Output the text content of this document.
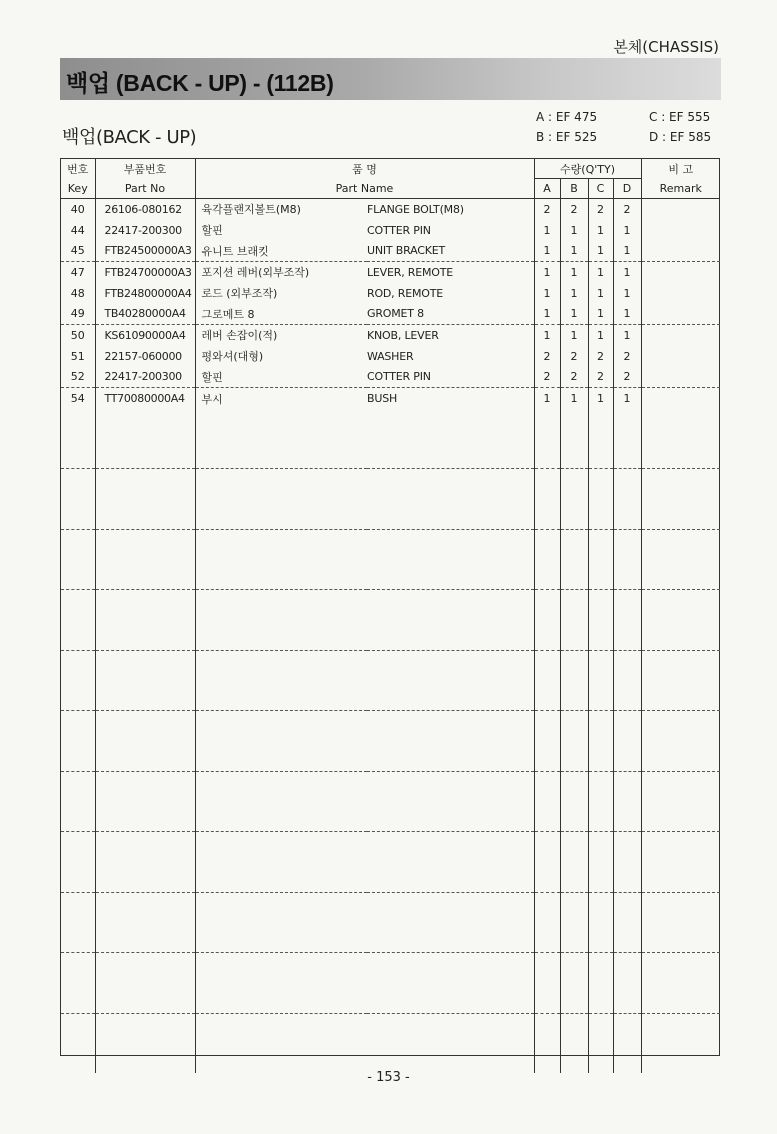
본체(CHASSIS)
백업 (BACK - UP) - (112B)
백업(BACK - UP)
A : EF 475
B : EF 525
C : EF 555
D : EF 585
번호	부품번호	품 명		수량(Q'TY)				비 고
Key	Part No	Part Name		A	B	C	D	Remark
40	26106-080162	육각플랜지볼트(M8)	FLANGE BOLT(M8)	2	2	2	2	
44	22417-200300	할핀	COTTER PIN	1	1	1	1	
45	FTB24500000A3	유니트 브래킷	UNIT BRACKET	1	1	1	1	
47	FTB24700000A3	포지션 레버(외부조작)	LEVER, REMOTE	1	1	1	1	
48	FTB24800000A4	로드 (외부조작)	ROD, REMOTE	1	1	1	1	
49	TB40280000A4	그로메트 8	GROMET 8	1	1	1	1	
50	KS61090000A4	레버 손잡이(적)	KNOB, LEVER	1	1	1	1	
51	22157-060000	평와셔(대형)	WASHER	2	2	2	2	
52	22417-200300	할핀	COTTER PIN	2	2	2	2	
54	TT70080000A4	부시	BUSH	1	1	1	1	

- 153 -
